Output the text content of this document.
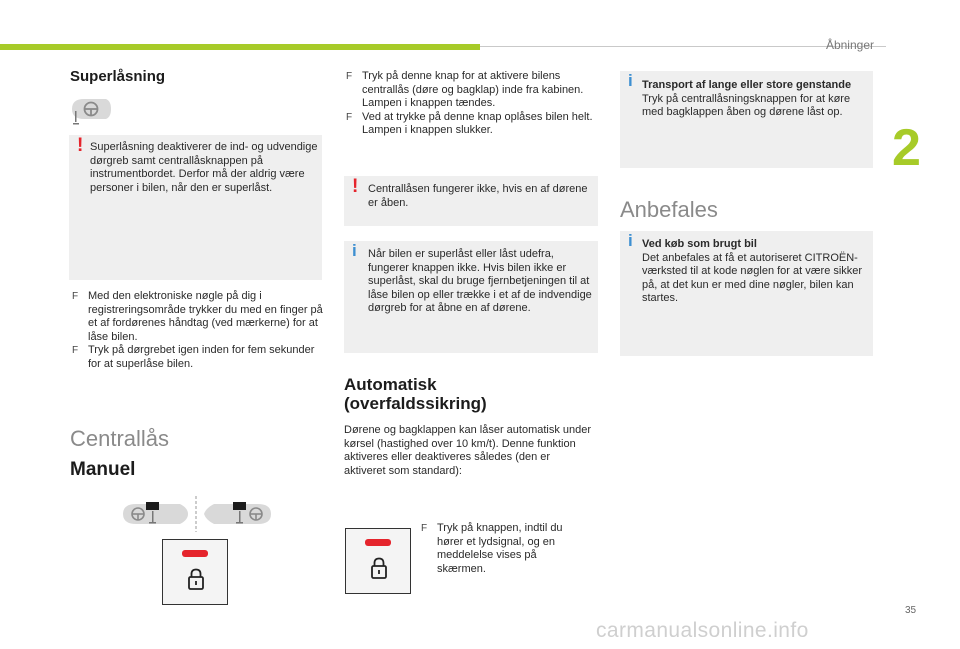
Åbninger
2
35
carmanualsonline.info
Superlåsning
! Superlåsning deaktiverer de ind- og udvendige dørgreb samt centrallåsknappen på instrumentbordet. Derfor må der aldrig være personer i bilen, når den er superlåst.
F Med den elektroniske nøgle på dig i registreringsområde trykker du med en finger på et af fordørenes håndtag (ved mærkerne) for at låse bilen.
F Tryk på dørgrebet igen inden for fem sekunder for at superlåse bilen.
Centrallås
Manuel
F Tryk på denne knap for at aktivere bilens centrallås (døre og bagklap) inde fra kabinen. Lampen i knappen tændes.
F Ved at trykke på denne knap oplåses bilen helt. Lampen i knappen slukker.
! Centrallåsen fungerer ikke, hvis en af dørene er åben.
i Når bilen er superlåst eller låst udefra, fungerer knappen ikke. Hvis bilen ikke er superlåst, skal du bruge fjernbetjeningen til at låse bilen op eller trække i et af de indvendige dørgreb for at åbne en af dørene.
Automatisk
(overfaldssikring)
Dørene og bagklappen kan låser automatisk under kørsel (hastighed over 10 km/t). Denne funktion aktiveres eller deaktiveres således (den er aktiveret som standard):
F Tryk på knappen, indtil du hører et lydsignal, og en meddelelse vises på skærmen.
i Transport af lange eller store genstande
Tryk på centrallåsningsknappen for at køre med bagklappen åben og dørene låst op.
Anbefales
i Ved køb som brugt bil
Det anbefales at få et autoriseret CITROËN-værksted til at kode nøglen for at være sikker på, at det kun er med dine nøgler, bilen kan startes.
